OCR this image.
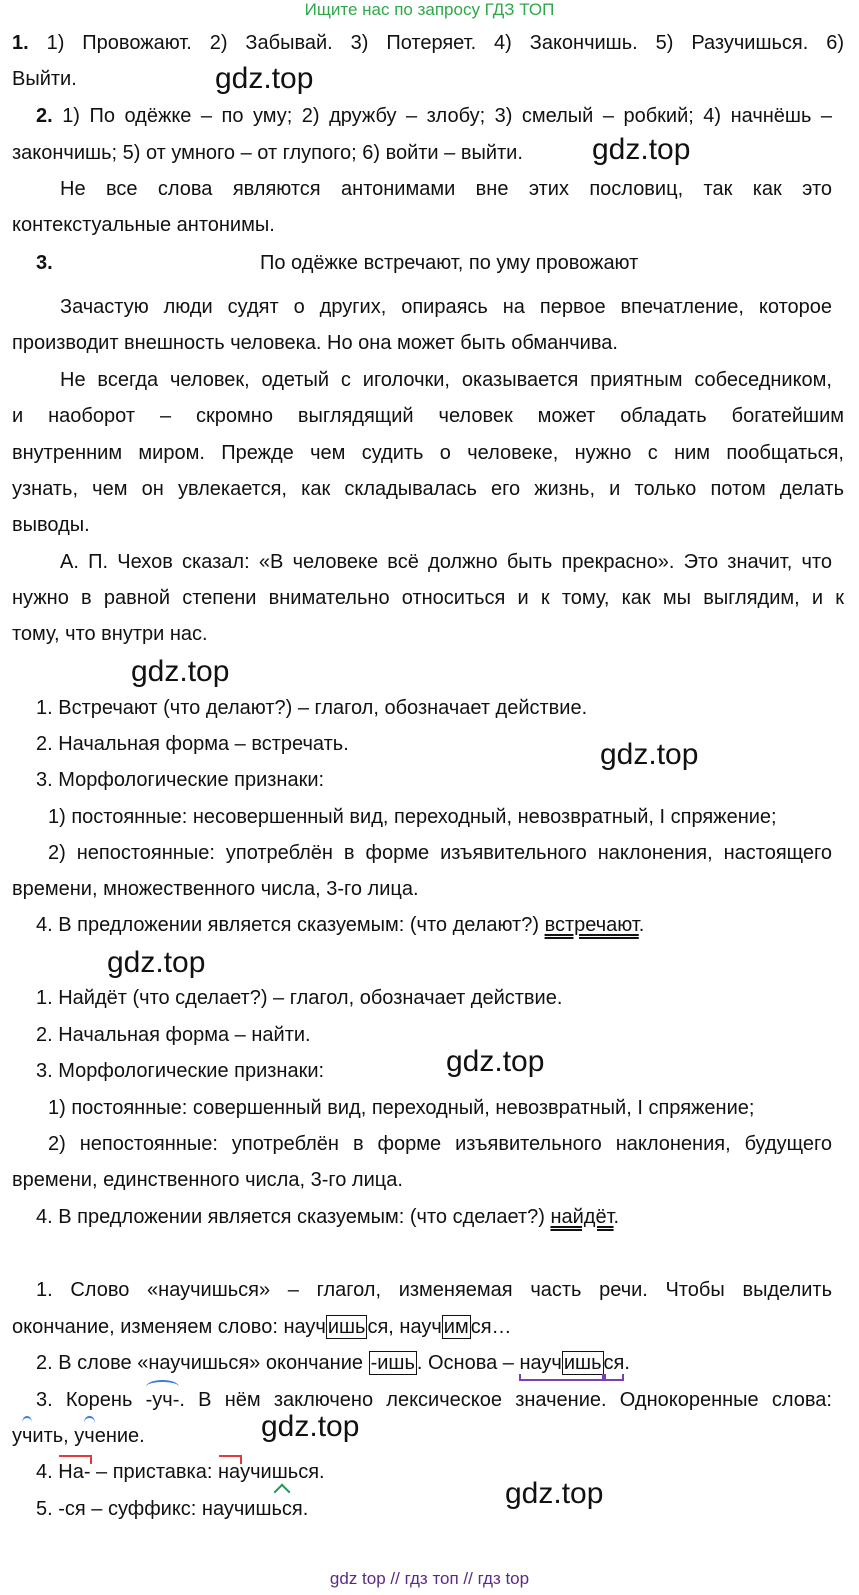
Ищите нас по запросу ГДЗ ТОП
1. 1) Провожают. 2) Забывай. 3) Потеряет. 4) Закончишь. 5) Разучишься. 6)
Выйти.
2. 1) По одёжке – по уму; 2) дружбу – злобу; 3) смелый – робкий; 4) начнёшь –
закончишь; 5) от умного – от глупого; 6) войти – выйти.
Не все слова являются антонимами вне этих пословиц, так как это
контекстуальные антонимы.
3.	По одёжке встречают, по уму провожают
Зачастую люди судят о других, опираясь на первое впечатление, которое
производит внешность человека. Но она может быть обманчива.
Не всегда человек, одетый с иголочки, оказывается приятным собеседником,
и наоборот – скромно выглядящий человек может обладать богатейшим
внутренним миром. Прежде чем судить о человеке, нужно с ним пообщаться,
узнать, чем он увлекается, как складывалась его жизнь, и только потом делать
выводы.
А. П. Чехов сказал: «В человеке всё должно быть прекрасно». Это значит, что
нужно в равной степени внимательно относиться и к тому, как мы выглядим, и к
тому, что внутри нас.
1. Встречают (что делают?) – глагол, обозначает действие.
2. Начальная форма – встречать.
3. Морфологические признаки:
1) постоянные: несовершенный вид, переходный, невозвратный, I спряжение;
2) непостоянные: употреблён в форме изъявительного наклонения, настоящего
времени, множественного числа, 3-го лица.
4. В предложении является сказуемым: (что делают?) встречают.
1. Найдёт (что сделает?) – глагол, обозначает действие.
2. Начальная форма – найти.
3. Морфологические признаки:
1) постоянные: совершенный вид, переходный, невозвратный, I спряжение;
2) непостоянные: употреблён в форме изъявительного наклонения, будущего
времени, единственного числа, 3-го лица.
4. В предложении является сказуемым: (что сделает?) найдёт.
1. Слово «научишься» – глагол, изменяемая часть речи. Чтобы выделить
окончание, изменяем слово: науч ишь ся, науч им ся…
2. В слове «научишься» окончание -ишь . Основа – науч ишь ся.
3. Корень -уч-. В нём заключено лексическое значение. Однокоренные слова:
учить, учение.
4. На- – приставка: научишься.
5. -ся – суффикс: научишься.
gdz.top
gdz.top
gdz.top
gdz.top
gdz.top
gdz.top
gdz.top
gdz.top
gdz top // гдз топ // гдз top
